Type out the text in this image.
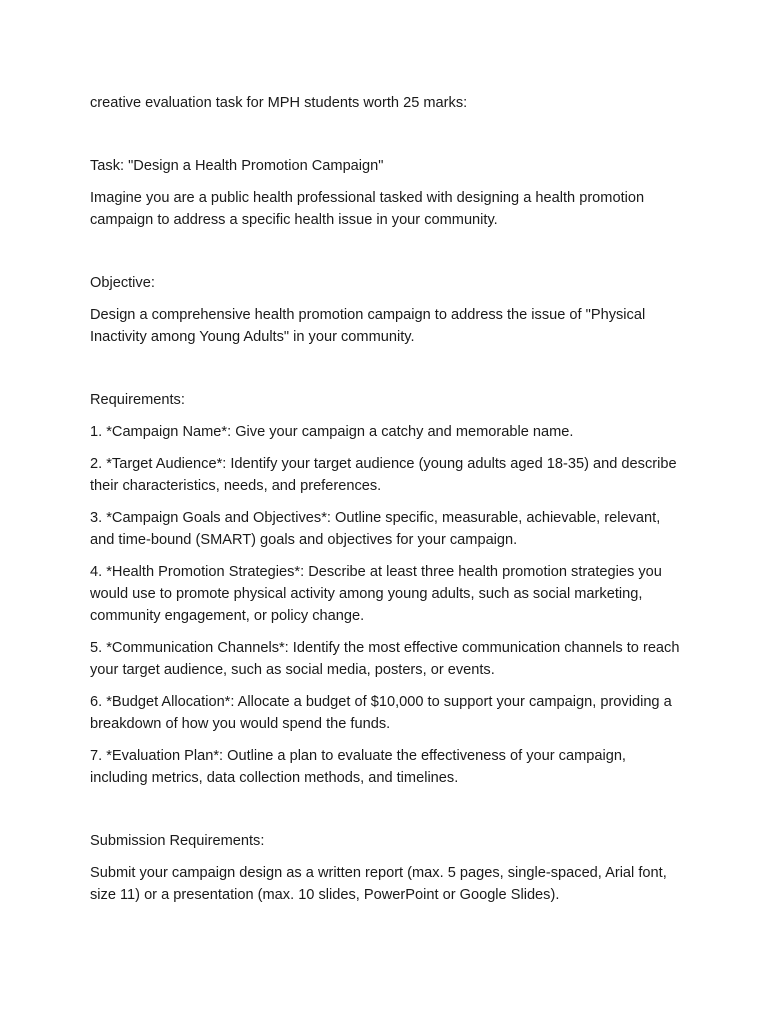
creative evaluation task for MPH students worth 25 marks:

Task: "Design a Health Promotion Campaign"

Imagine you are a public health professional tasked with designing a health promotion campaign to address a specific health issue in your community.

Objective:

Design a comprehensive health promotion campaign to address the issue of "Physical Inactivity among Young Adults" in your community.

Requirements:

1. *Campaign Name*: Give your campaign a catchy and memorable name.

2. *Target Audience*: Identify your target audience (young adults aged 18-35) and describe their characteristics, needs, and preferences.

3. *Campaign Goals and Objectives*: Outline specific, measurable, achievable, relevant, and time-bound (SMART) goals and objectives for your campaign.

4. *Health Promotion Strategies*: Describe at least three health promotion strategies you would use to promote physical activity among young adults, such as social marketing, community engagement, or policy change.

5. *Communication Channels*: Identify the most effective communication channels to reach your target audience, such as social media, posters, or events.

6. *Budget Allocation*: Allocate a budget of $10,000 to support your campaign, providing a breakdown of how you would spend the funds.

7. *Evaluation Plan*: Outline a plan to evaluate the effectiveness of your campaign, including metrics, data collection methods, and timelines.

Submission Requirements:

Submit your campaign design as a written report (max. 5 pages, single-spaced, Arial font, size 11) or a presentation (max. 10 slides, PowerPoint or Google Slides).
